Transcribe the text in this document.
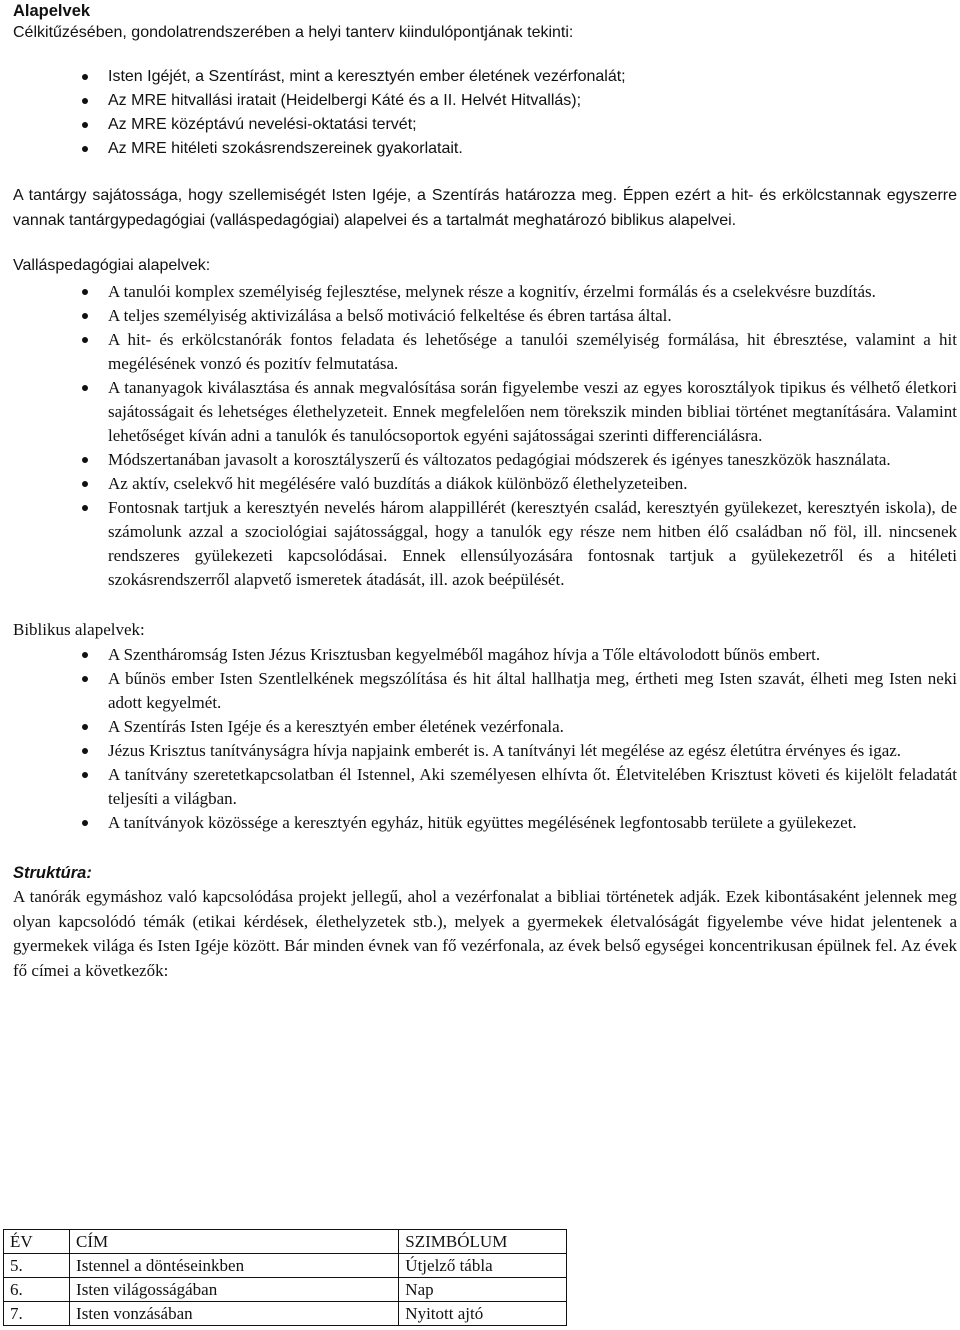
Alapelvek
Célkitűzésében, gondolatrendszerében a helyi tanterv kiindulópontjának tekinti:
Isten Igéjét, a Szentírást, mint a keresztyén ember életének vezérfonalát;
Az MRE hitvallási iratait (Heidelbergi Káté és a II. Helvét Hitvallás);
Az MRE középtávú nevelési-oktatási tervét;
Az MRE hitéleti szokásrendszereinek gyakorlatait.

A tantárgy sajátossága, hogy szellemiségét Isten Igéje, a Szentírás határozza meg. Éppen ezért a hit- és erkölcstannak egyszerre vannak tantárgypedagógiai (valláspedagógiai) alapelvei és a tartalmát meghatározó biblikus alapelvei.

Valláspedagógiai alapelvek:
A tanulói komplex személyiség fejlesztése, melynek része a kognitív, érzelmi formálás és a cselekvésre buzdítás.
A teljes személyiség aktivizálása a belső motiváció felkeltése és ébren tartása által.
A hit- és erkölcstanórák fontos feladata és lehetősége a tanulói személyiség formálása, hit ébresztése, valamint a hit megélésének vonzó és pozitív felmutatása.
A tananyagok kiválasztása és annak megvalósítása során figyelembe veszi az egyes korosztályok tipikus és vélhető életkori sajátosságait és lehetséges élethelyzeteit. Ennek megfelelően nem törekszik minden bibliai történet megtanítására. Valamint lehetőséget kíván adni a tanulók és tanulócsoportok egyéni sajátosságai szerinti differenciálásra.
Módszertanában javasolt a korosztályszerű és változatos pedagógiai módszerek és igényes taneszközök használata.
Az aktív, cselekvő hit megélésére való buzdítás a diákok különböző élethelyzeteiben.
Fontosnak tartjuk a keresztyén nevelés három alappillérét (keresztyén család, keresztyén gyülekezet, keresztyén iskola), de számolunk azzal a szociológiai sajátossággal, hogy a tanulók egy része nem hitben élő családban nő föl, ill. nincsenek rendszeres gyülekezeti kapcsolódásai. Ennek ellensúlyozására fontosnak tartjuk a gyülekezetről és a hitéleti szokásrendszerről alapvető ismeretek átadását, ill. azok beépülését.
Biblikus alapelvek:
A Szentháromság Isten Jézus Krisztusban kegyelméből magához hívja a Tőle eltávolodott bűnös embert.
A bűnös ember Isten Szentlelkének megszólítása és hit által hallhatja meg, értheti meg Isten szavát, élheti meg Isten neki adott kegyelmét.
A Szentírás Isten Igéje és a keresztyén ember életének vezérfonala.
Jézus Krisztus tanítványságra hívja napjaink emberét is. A tanítványi lét megélése az egész életútra érvényes és igaz.
A tanítvány szeretetkapcsolatban él Istennel, Aki személyesen elhívta őt. Életvitelében Krisztust követi és kijelölt feladatát teljesíti a világban.
A tanítványok közössége a keresztyén egyház, hitük együttes megélésének legfontosabb területe a gyülekezet.
Struktúra:

A tanórák egymáshoz való kapcsolódása projekt jellegű, ahol a vezérfonalat a bibliai történetek adják. Ezek kibontásaként jelennek meg olyan kapcsolódó témák (etikai kérdések, élethelyzetek stb.), melyek a gyermekek életvalóságát figyelembe véve hidat jelentenek a gyermekek világa és Isten Igéje között. Bár minden évnek van fő vezérfonala, az évek belső egységei koncentrikusan épülnek fel. Az évek fő címei a következők:

ÉV	CÍM	SZIMBÓLUM
5.	Istennel a döntéseinkben	Útjelző tábla
6.	Isten világosságában	Nap
7.	Isten vonzásában	Nyitott ajtó
